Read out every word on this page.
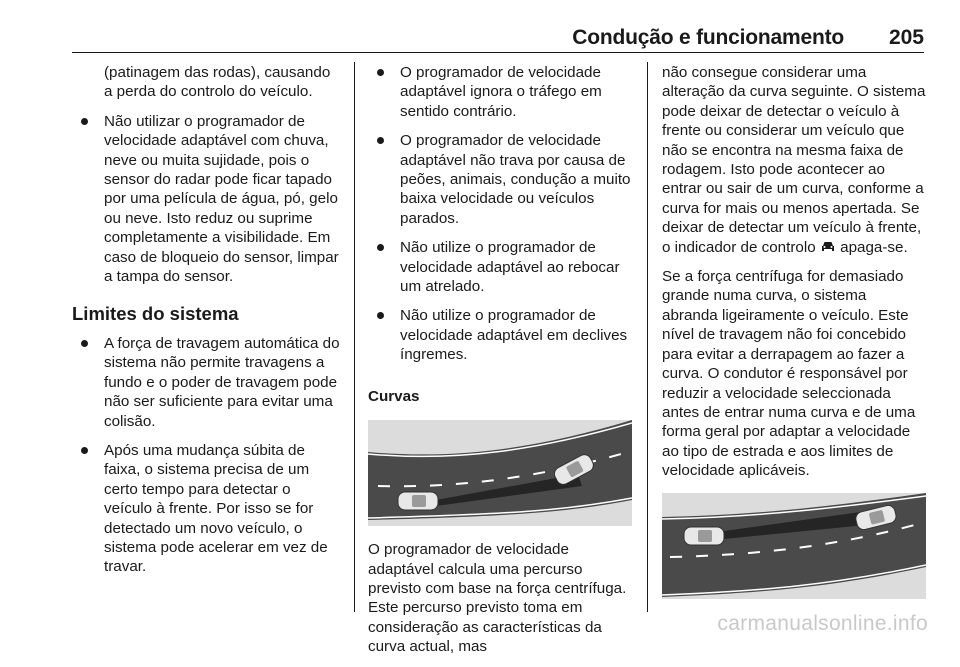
Condução e funcionamento 205
(patinagem das rodas), causando a perda do controlo do veículo.
Não utilizar o programador de velocidade adaptável com chuva, neve ou muita sujidade, pois o sensor do radar pode ficar tapado por uma película de água, pó, gelo ou neve. Isto reduz ou suprime completamente a visibilidade. Em caso de bloqueio do sensor, limpar a tampa do sensor.
Limites do sistema
A força de travagem automática do sistema não permite travagens a fundo e o poder de travagem pode não ser suficiente para evitar uma colisão.
Após uma mudança súbita de faixa, o sistema precisa de um certo tempo para detectar o veículo à frente. Por isso se for detectado um novo veículo, o sistema pode acelerar em vez de travar.
O programador de velocidade adaptável ignora o tráfego em sentido contrário.
O programador de velocidade adaptável não trava por causa de peões, animais, condução a muito baixa velocidade ou veículos parados.
Não utilize o programador de velocidade adaptável ao rebocar um atrelado.
Não utilize o programador de velocidade adaptável em declives íngremes.
Curvas

O programador de velocidade adaptável calcula uma percurso previsto com base na força centrífuga. Este percurso previsto toma em consideração as características da curva actual, mas

não consegue considerar uma alteração da curva seguinte. O sistema pode deixar de detectar o veículo à frente ou considerar um veículo que não se encontra na mesma faixa de rodagem. Isto pode acontecer ao entrar ou sair de um curva, conforme a curva for mais ou menos apertada. Se deixar de detectar um veículo à frente, o indicador de controlo apaga-se.

Se a força centrífuga for demasiado grande numa curva, o sistema abranda ligeiramente o veículo. Este nível de travagem não foi concebido para evitar a derrapagem ao fazer a curva. O condutor é responsável por reduzir a velocidade seleccionada antes de entrar numa curva e de uma forma geral por adaptar a velocidade ao tipo de estrada e aos limites de velocidade aplicáveis.

carmanualsonline.info
